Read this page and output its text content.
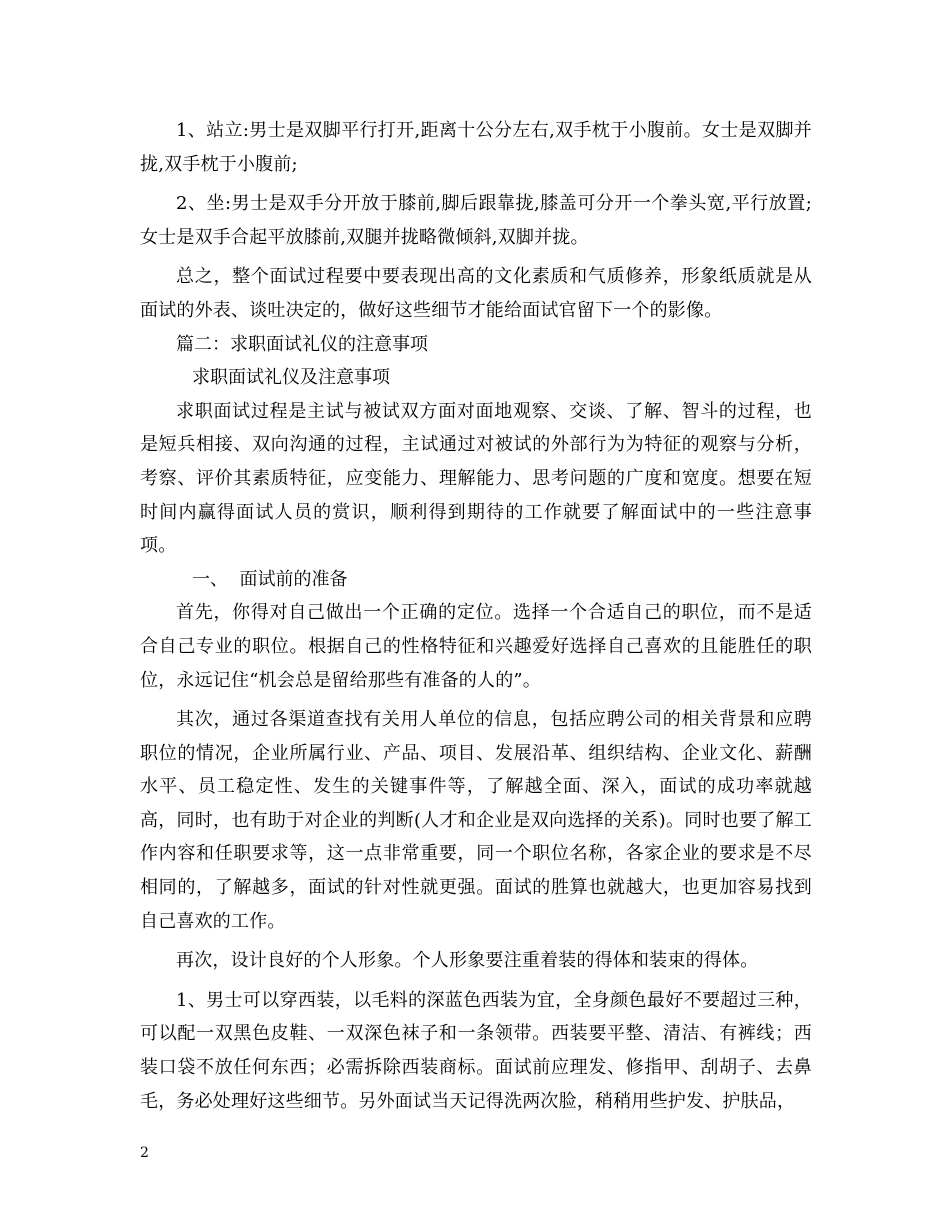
1、站立:男士是双脚平行打开,距离十公分左右,双手枕于小腹前。女士是双脚并拢,双手枕于小腹前;

2、坐:男士是双手分开放于膝前,脚后跟靠拢,膝盖可分开一个拳头宽,平行放置;女士是双手合起平放膝前,双腿并拢略微倾斜,双脚并拢。

总之，整个面试过程要中要表现出高的文化素质和气质修养，形象纸质就是从面试的外表、谈吐决定的，做好这些细节才能给面试官留下一个的影像。

篇二：求职面试礼仪的注意事项

求职面试礼仪及注意事项

求职面试过程是主试与被试双方面对面地观察、交谈、了解、智斗的过程，也是短兵相接、双向沟通的过程，主试通过对被试的外部行为为特征的观察与分析，考察、评价其素质特征，应变能力、理解能力、思考问题的广度和宽度。想要在短时间内赢得面试人员的赏识，顺利得到期待的工作就要了解面试中的一些注意事项。

一、  面试前的准备

首先，你得对自己做出一个正确的定位。选择一个合适自己的职位，而不是适合自己专业的职位。根据自己的性格特征和兴趣爱好选择自己喜欢的且能胜任的职位，永远记住“机会总是留给那些有准备的人的”。

其次，通过各渠道查找有关用人单位的信息，包括应聘公司的相关背景和应聘职位的情况，企业所属行业、产品、项目、发展沿革、组织结构、企业文化、薪酬水平、员工稳定性、发生的关键事件等，了解越全面、深入，面试的成功率就越高，同时，也有助于对企业的判断(人才和企业是双向选择的关系)。同时也要了解工作内容和任职要求等，这一点非常重要，同一个职位名称，各家企业的要求是不尽相同的，了解越多，面试的针对性就更强。面试的胜算也就越大，也更加容易找到自己喜欢的工作。

再次，设计良好的个人形象。个人形象要注重着装的得体和装束的得体。

1、男士可以穿西装，以毛料的深蓝色西装为宜，全身颜色最好不要超过三种，可以配一双黑色皮鞋、一双深色袜子和一条领带。西装要平整、清洁、有裤线；西装口袋不放任何东西；必需拆除西装商标。面试前应理发、修指甲、刮胡子、去鼻毛，务必处理好这些细节。另外面试当天记得洗两次脸，稍稍用些护发、护肤品，

2
